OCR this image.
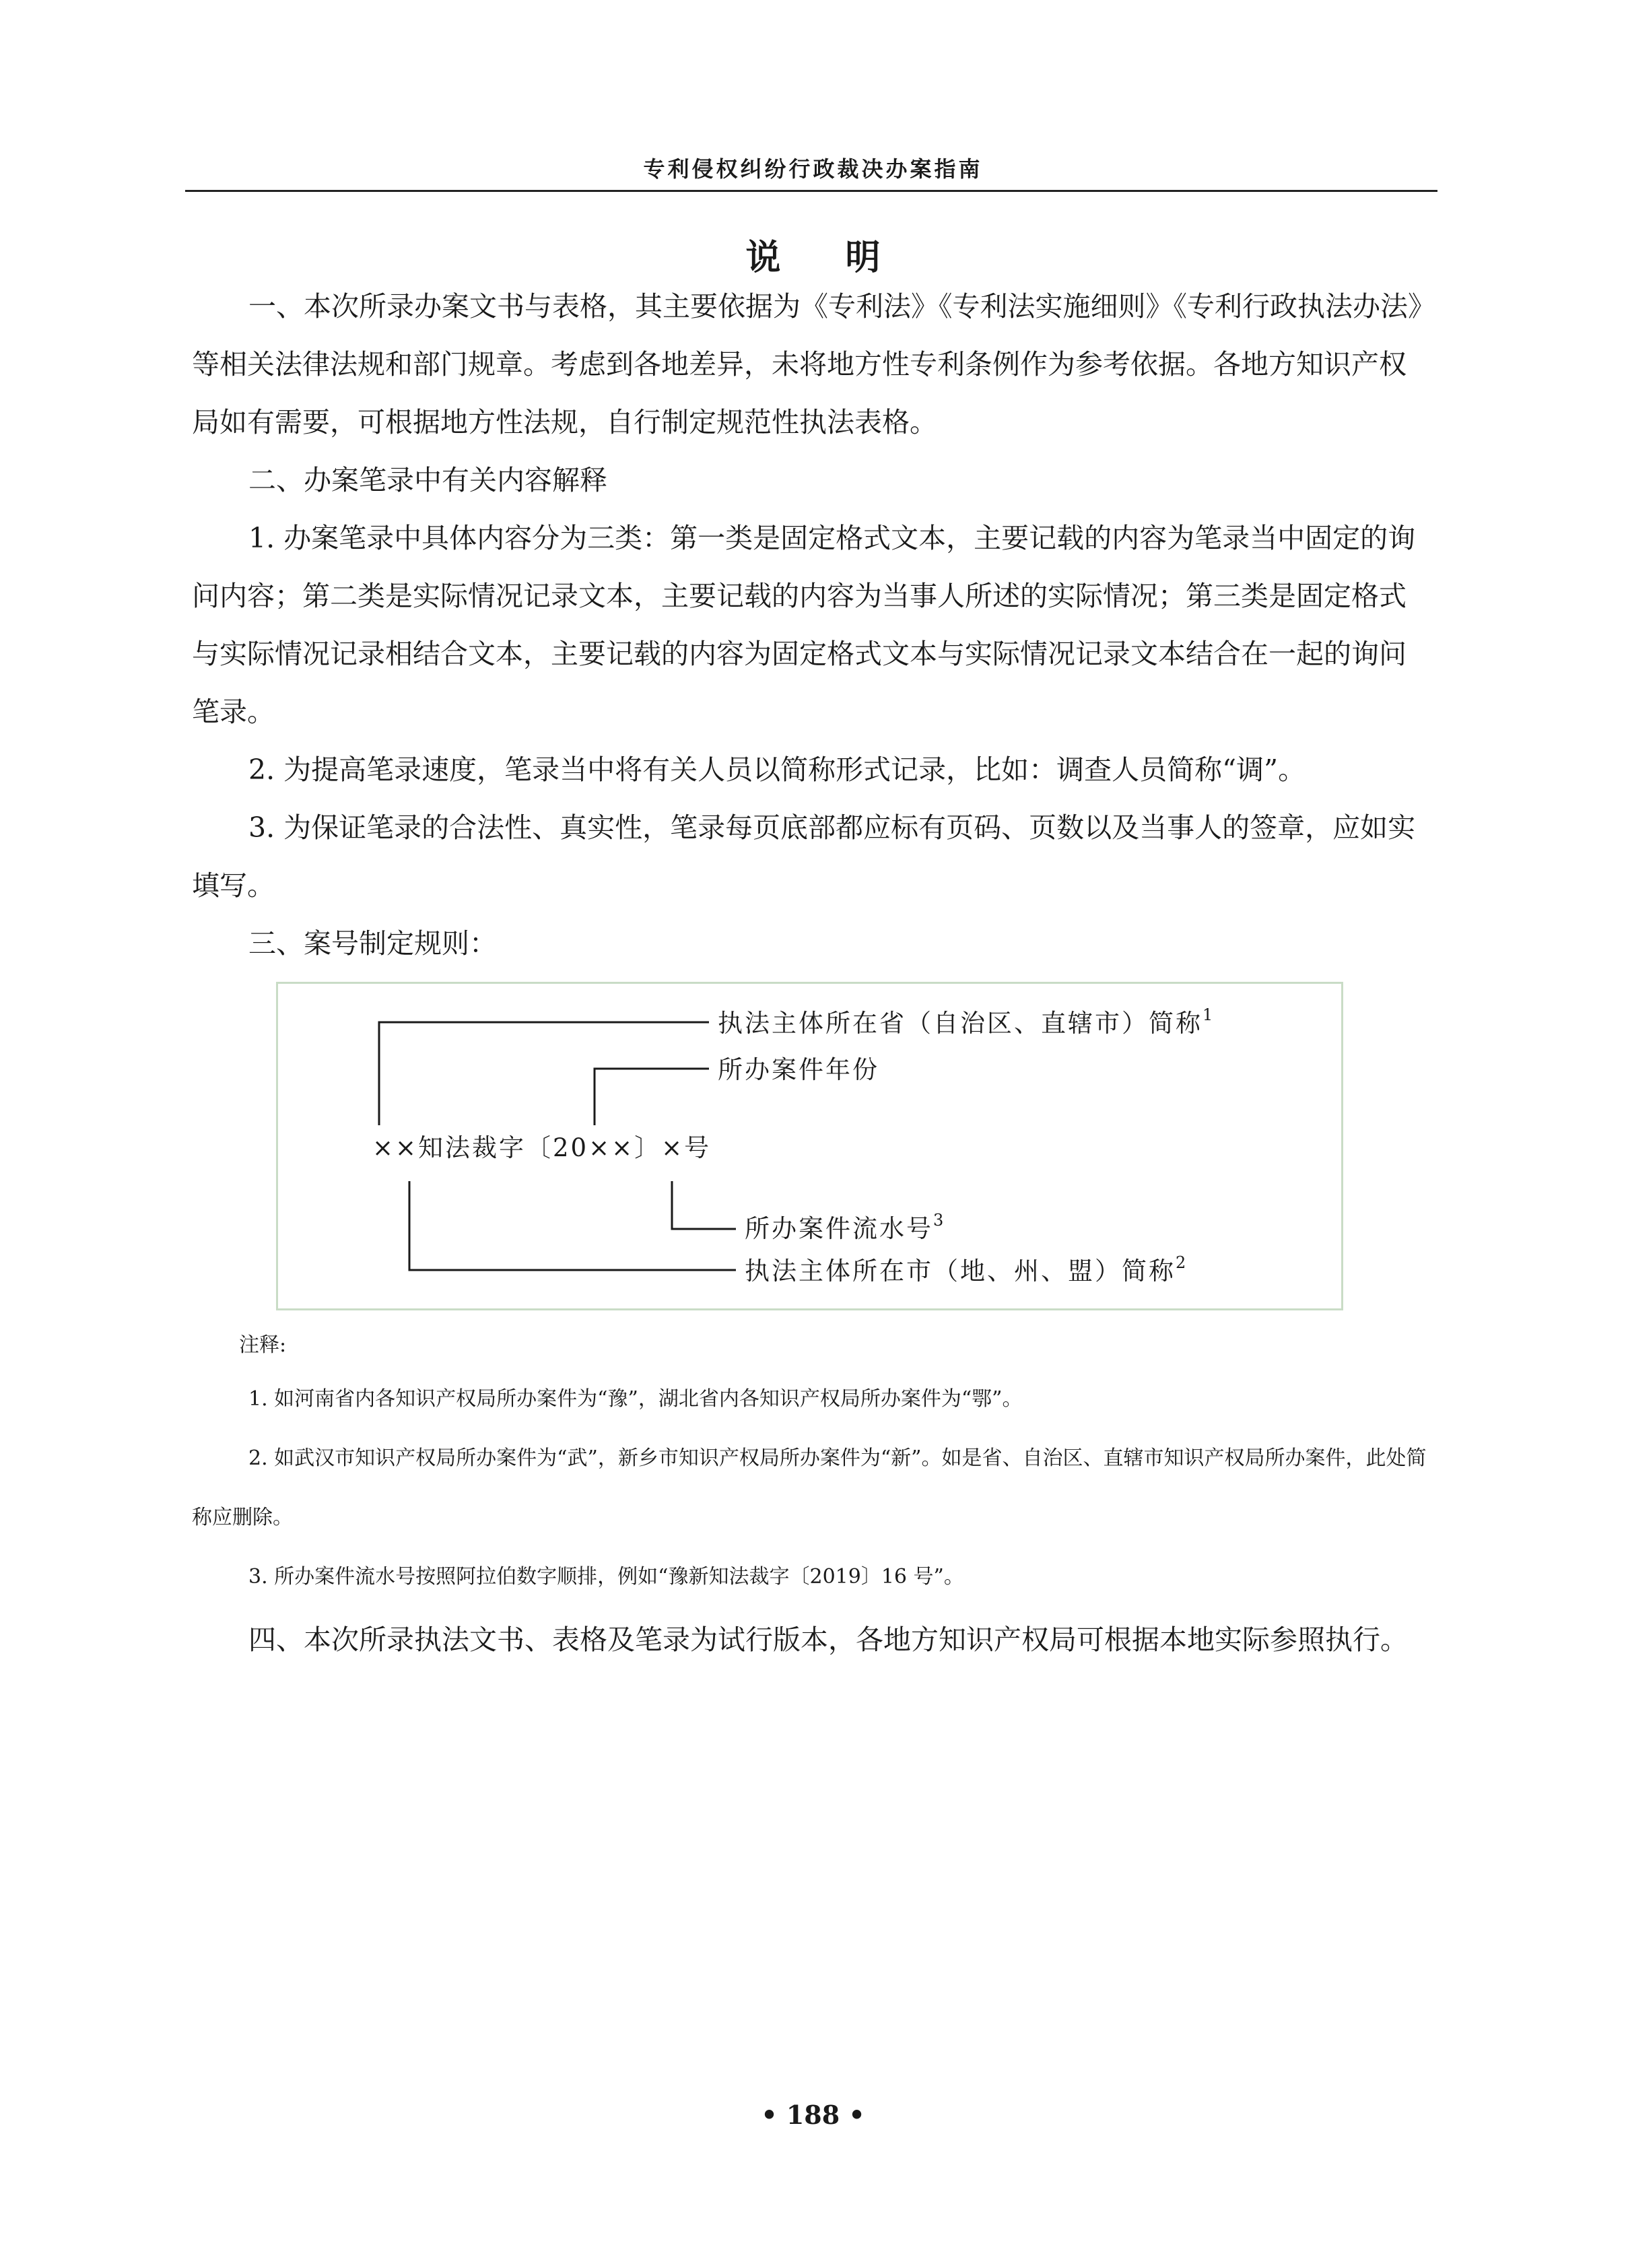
专利侵权纠纷行政裁决办案指南
说明

一、本次所录办案文书与表格，其主要依据为《专利法》《专利法实施细则》《专利行政执法办法》等相关法律法规和部门规章。考虑到各地差异，未将地方性专利条例作为参考依据。各地方知识产权局如有需要，可根据地方性法规，自行制定规范性执法表格。

二、办案笔录中有关内容解释

1. 办案笔录中具体内容分为三类：第一类是固定格式文本，主要记载的内容为笔录当中固定的询问内容；第二类是实际情况记录文本，主要记载的内容为当事人所述的实际情况；第三类是固定格式与实际情况记录相结合文本，主要记载的内容为固定格式文本与实际情况记录文本结合在一起的询问笔录。

2. 为提高笔录速度，笔录当中将有关人员以简称形式记录，比如：调查人员简称“调”。

3. 为保证笔录的合法性、真实性，笔录每页底部都应标有页码、页数以及当事人的签章，应如实填写。

三、案号制定规则：

执法主体所在省（自治区、直辖市）简称$^1$
所办案件年份
××知法裁字〔20××〕×号
所办案件流水号$^3$
执法主体所在市（地、州、盟）简称$^2$
注释:

1. 如河南省内各知识产权局所办案件为“豫”，湖北省内各知识产权局所办案件为“鄂”。

2. 如武汉市知识产权局所办案件为“武”，新乡市知识产权局所办案件为“新”。如是省、自治区、直辖市知识产权局所办案件，此处简称应删除。

3. 所办案件流水号按照阿拉伯数字顺排，例如“豫新知法裁字〔2019〕16 号”。

四、本次所录执法文书、表格及笔录为试行版本，各地方知识产权局可根据本地实际参照执行。

• 188 •
